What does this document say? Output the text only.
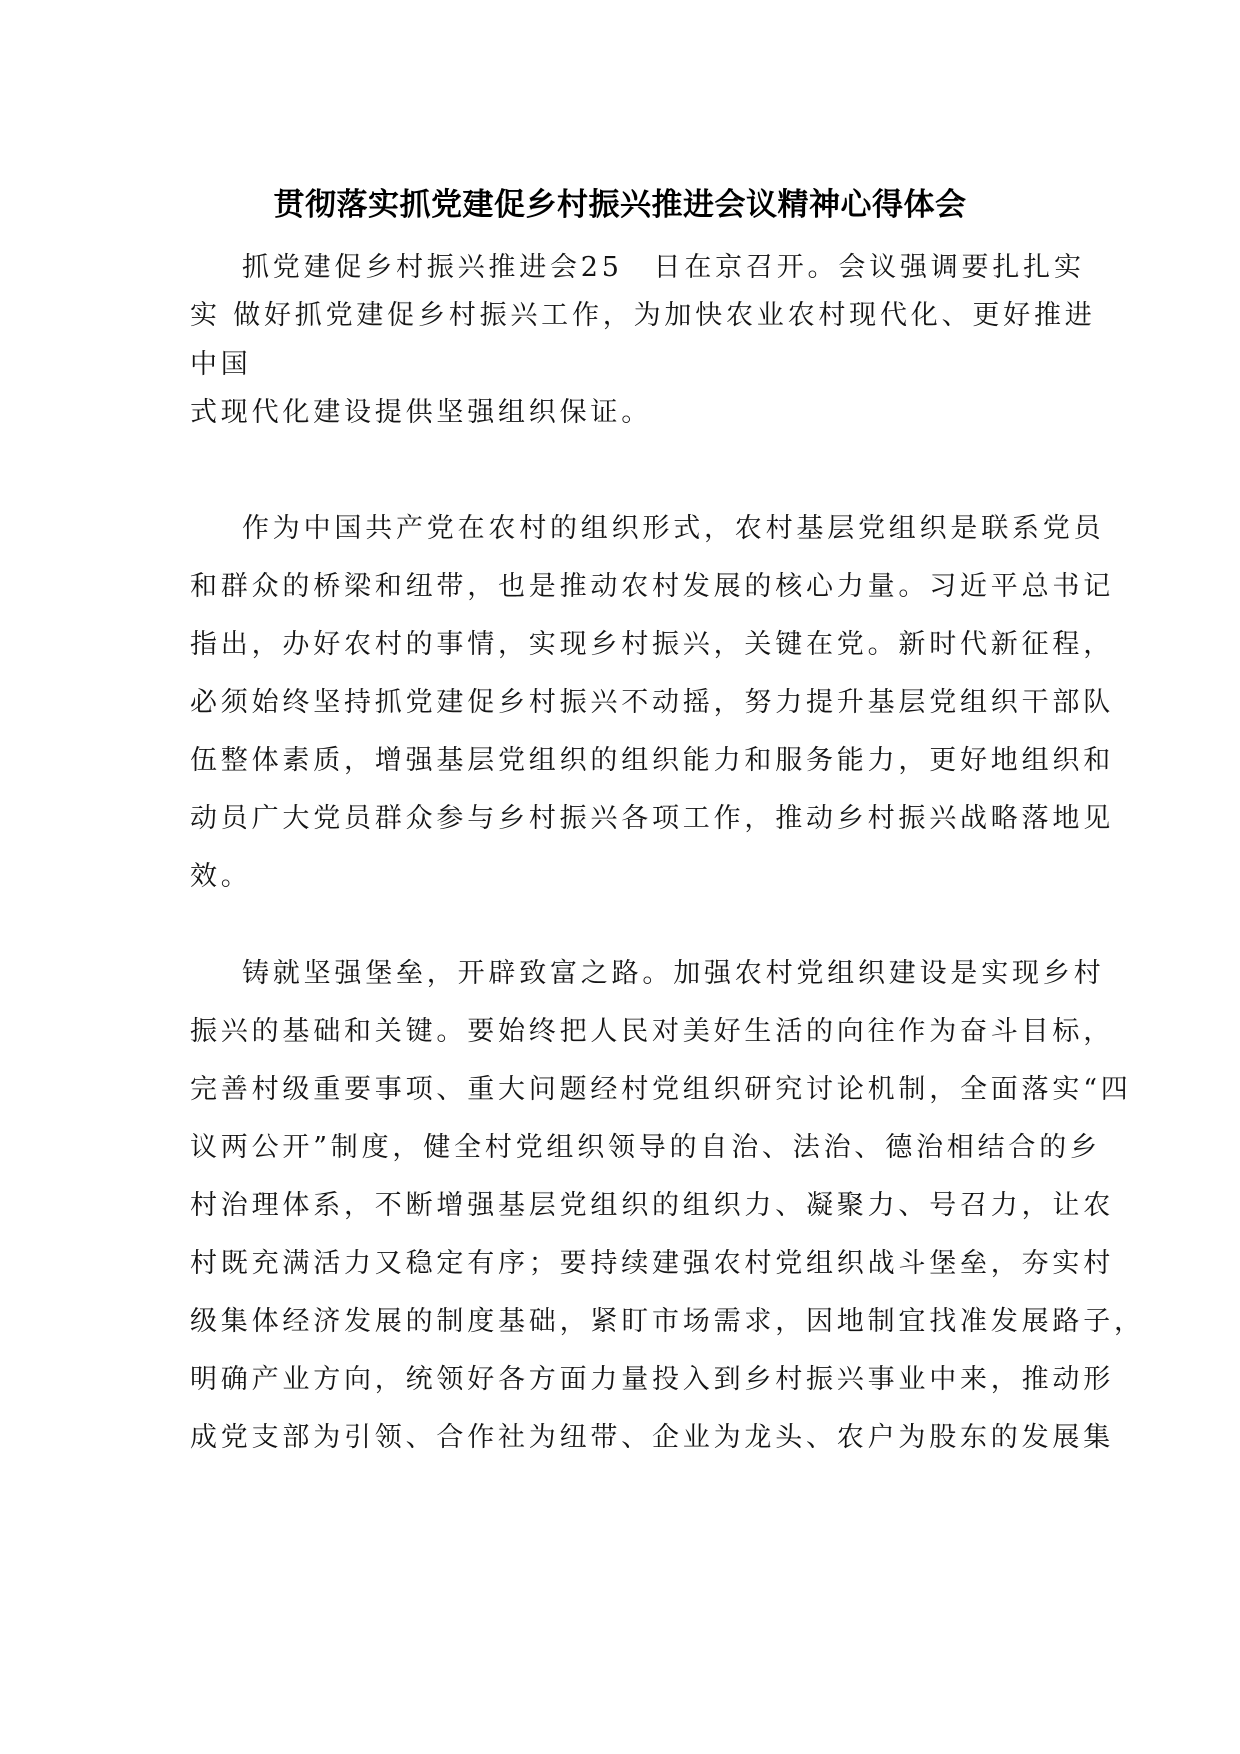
贯彻落实抓党建促乡村振兴推进会议精神心得体会
抓党建促乡村振兴推进会25　日在京召开。会议强调要扎扎实
实 做好抓党建促乡村振兴工作，为加快农业农村现代化、更好推进
中国
式现代化建设提供坚强组织保证。
作为中国共产党在农村的组织形式，农村基层党组织是联系党员
和群众的桥梁和纽带，也是推动农村发展的核心力量。习近平总书记
指出，办好农村的事情，实现乡村振兴，关键在党。新时代新征程，
必须始终坚持抓党建促乡村振兴不动摇，努力提升基层党组织干部队
伍整体素质，增强基层党组织的组织能力和服务能力，更好地组织和
动员广大党员群众参与乡村振兴各项工作，推动乡村振兴战略落地见
效。
铸就坚强堡垒，开辟致富之路。加强农村党组织建设是实现乡村
振兴的基础和关键。要始终把人民对美好生活的向往作为奋斗目标，
完善村级重要事项、重大问题经村党组织研究讨论机制，全面落实“四
议两公开”制度，健全村党组织领导的自治、法治、德治相结合的乡
村治理体系，不断增强基层党组织的组织力、凝聚力、号召力，让农
村既充满活力又稳定有序；要持续建强农村党组织战斗堡垒，夯实村
级集体经济发展的制度基础，紧盯市场需求，因地制宜找准发展路子，
明确产业方向，统领好各方面力量投入到乡村振兴事业中来，推动形
成党支部为引领、合作社为纽带、企业为龙头、农户为股东的发展集
